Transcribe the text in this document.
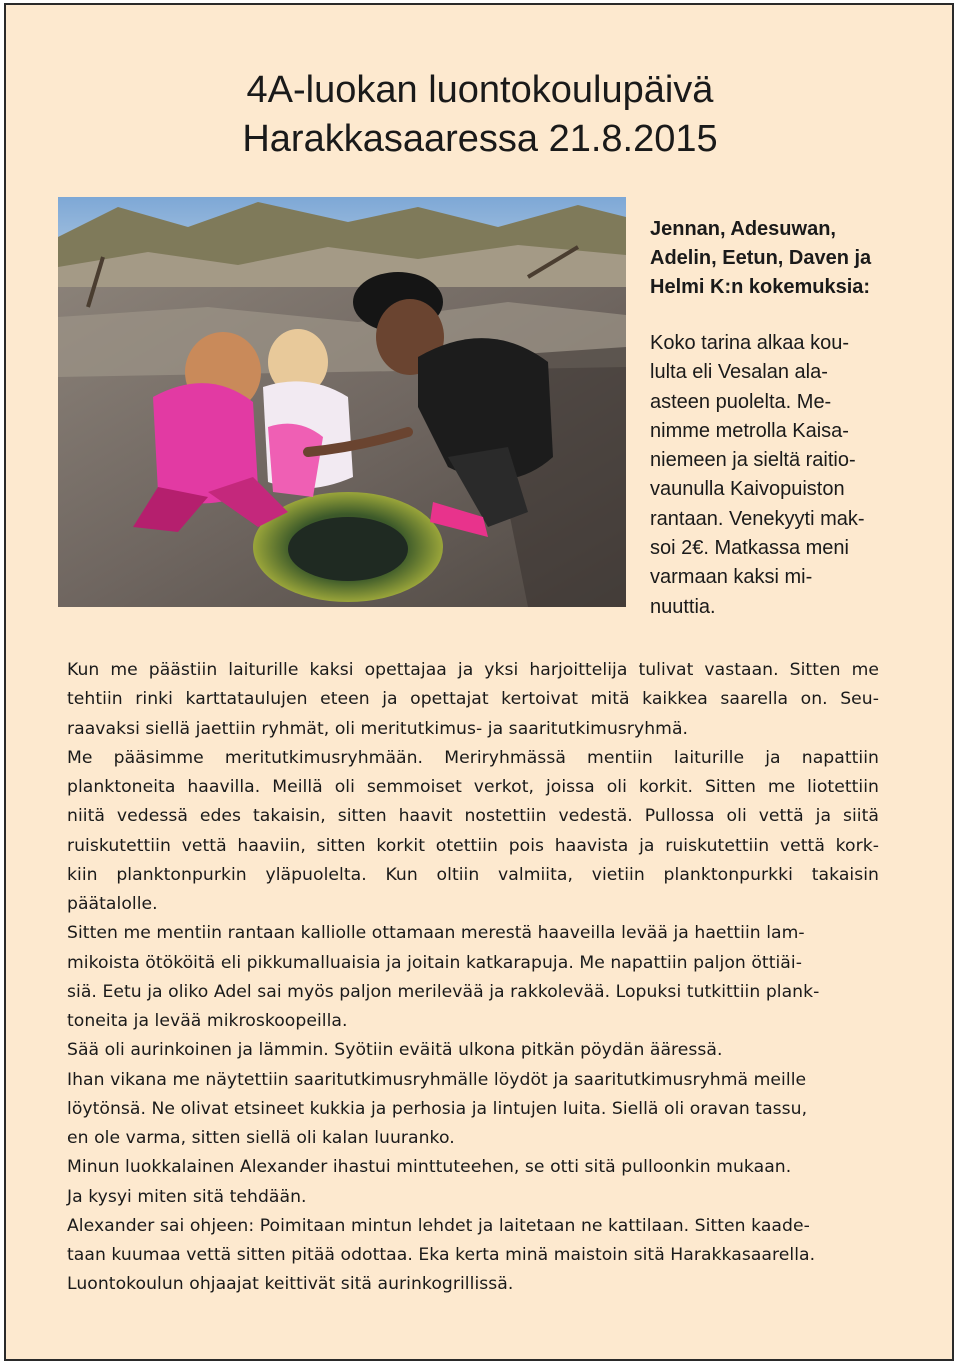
4A-luokan luontokoulupäivä
Harakkasaaressa 21.8.2015
Jennan, Adesuwan,
Adelin, Eetun, Daven ja
Helmi K:n kokemuksia:
Koko tarina alkaa kou-
lulta eli Vesalan ala-
asteen puolelta. Me-
nimme metrolla Kaisa-
niemeen ja sieltä raitio-
vaunulla Kaivopuiston
rantaan. Venekyyti mak-
soi 2€. Matkassa meni
varmaan kaksi mi-
nuuttia.
Kun me päästiin laiturille kaksi opettajaa ja yksi harjoittelija tulivat vastaan. Sitten me
tehtiin rinki karttataulujen eteen ja opettajat kertoivat mitä kaikkea saarella on. Seu-
raavaksi siellä jaettiin ryhmät, oli meritutkimus- ja saaritutkimusryhmä.
Me pääsimme meritutkimusryhmään. Meriryhmässä mentiin laiturille ja napattiin
planktoneita haavilla. Meillä oli semmoiset verkot, joissa oli korkit. Sitten me liotettiin
niitä vedessä edes takaisin, sitten haavit nostettiin vedestä. Pullossa oli vettä ja siitä
ruiskutettiin vettä haaviin, sitten korkit otettiin pois haavista ja ruiskutettiin vettä kork-
kiin planktonpurkin yläpuolelta. Kun oltiin valmiita, vietiin planktonpurkki takaisin
päätalolle.
Sitten me mentiin rantaan kalliolle ottamaan merestä haaveilla levää ja haettiin lam-
mikoista ötököitä eli pikkumalluaisia ja joitain katkarapuja. Me napattiin paljon öttiäi-
siä. Eetu ja oliko Adel sai myös paljon merilevää ja rakkolevää. Lopuksi tutkittiin plank-
toneita ja levää mikroskoopeilla.
Sää oli aurinkoinen ja lämmin. Syötiin eväitä ulkona pitkän pöydän ääressä.
Ihan vikana me näytettiin saaritutkimusryhmälle löydöt ja saaritutkimusryhmä meille
löytönsä. Ne olivat etsineet kukkia ja perhosia ja lintujen luita. Siellä oli oravan tassu,
en ole varma, sitten siellä oli kalan luuranko.
Minun luokkalainen Alexander ihastui minttuteehen, se otti sitä pulloonkin mukaan.
Ja kysyi miten sitä tehdään.
Alexander sai ohjeen: Poimitaan mintun lehdet ja laitetaan ne kattilaan. Sitten kaade-
taan kuumaa vettä sitten pitää odottaa. Eka kerta minä maistoin sitä Harakkasaarella.
Luontokoulun ohjaajat keittivät sitä aurinkogrillissä.
